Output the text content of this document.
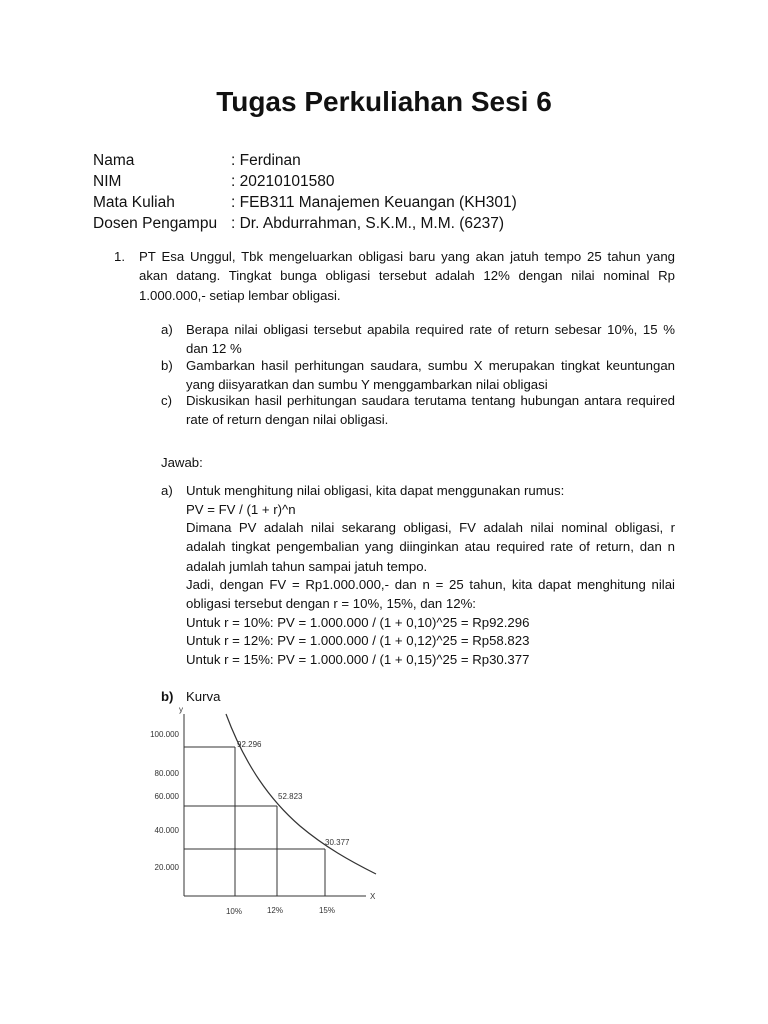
Tugas Perkuliahan Sesi 6
Nama	: Ferdinan
NIM	: 20210101580
Mata Kuliah	: FEB311 Manajemen Keuangan (KH301)
Dosen Pengampu : Dr. Abdurrahman, S.K.M., M.M. (6237)
1. PT Esa Unggul, Tbk mengeluarkan obligasi baru yang akan jatuh tempo 25 tahun yang akan datang. Tingkat bunga obligasi tersebut adalah 12% dengan nilai nominal Rp 1.000.000,- setiap lembar obligasi.
a) Berapa nilai obligasi tersebut apabila required rate of return sebesar 10%, 15 % dan 12 %
b) Gambarkan hasil perhitungan saudara, sumbu X merupakan tingkat keuntungan yang diisyaratkan dan sumbu Y menggambarkan nilai obligasi
c) Diskusikan hasil perhitungan saudara terutama tentang hubungan antara required rate of return dengan nilai obligasi.
Jawab:
a) Untuk menghitung nilai obligasi, kita dapat menggunakan rumus:
PV = FV / (1 + r)^n
Dimana PV adalah nilai sekarang obligasi, FV adalah nilai nominal obligasi, r adalah tingkat pengembalian yang diinginkan atau required rate of return, dan n adalah jumlah tahun sampai jatuh tempo.
Jadi, dengan FV = Rp1.000.000,- dan n = 25 tahun, kita dapat menghitung nilai obligasi tersebut dengan r = 10%, 15%, dan 12%:
Untuk r = 10%: PV = 1.000.000 / (1 + 0,10)^25 = Rp92.296
Untuk r = 12%: PV = 1.000.000 / (1 + 0,12)^25 = Rp58.823
Untuk r = 15%: PV = 1.000.000 / (1 + 0,15)^25 = Rp30.377
b) Kurva
y
X
100.000
80.000
60.000
40.000
20.000
92.296
52.823
30.377
10%	12%	15%
